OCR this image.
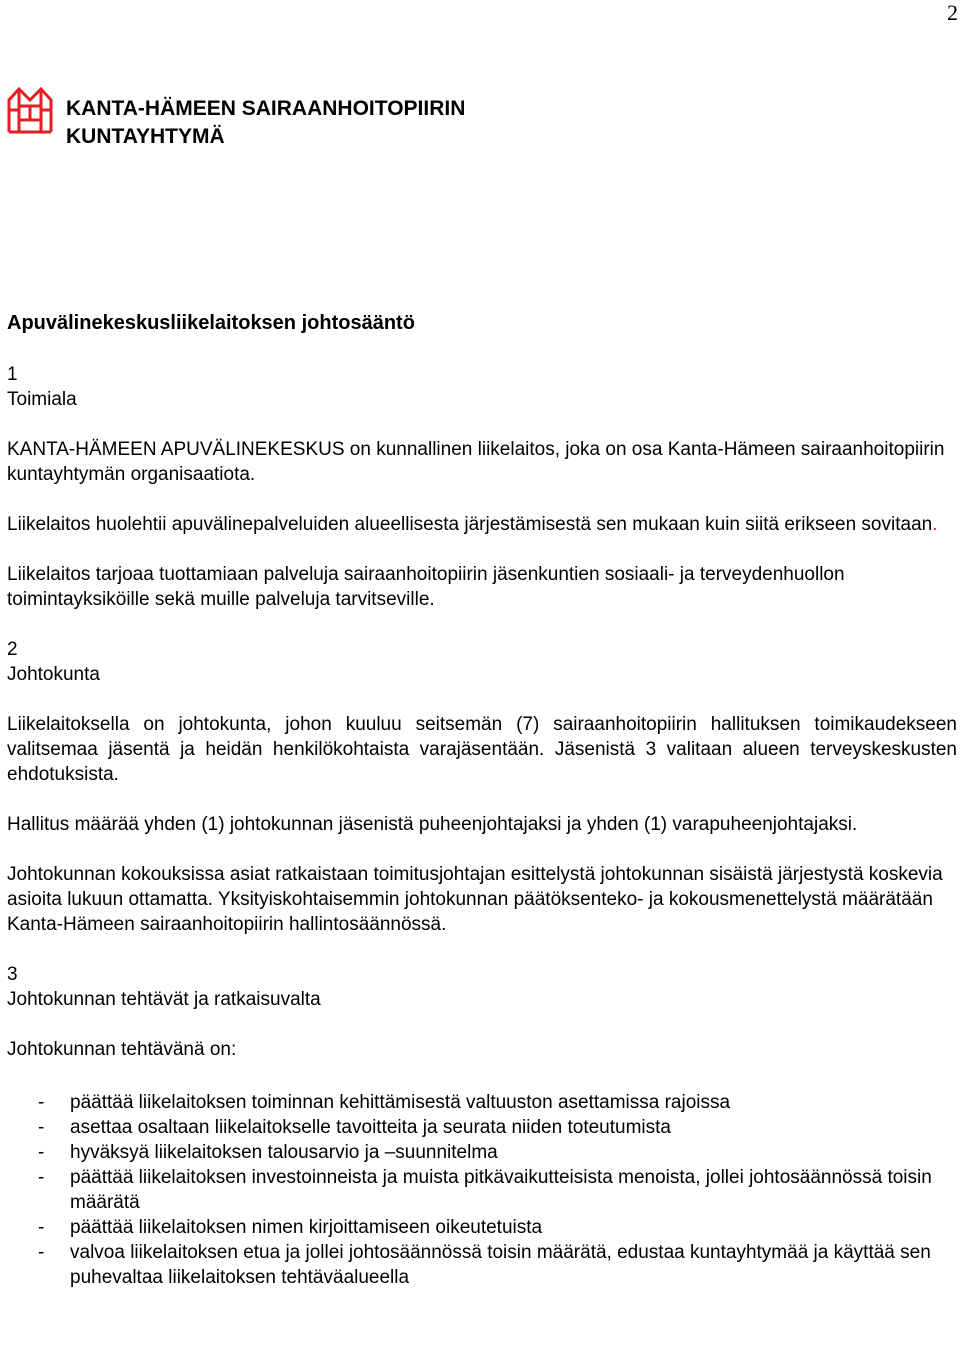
2
KANTA-HÄMEEN SAIRAANHOITOPIIRIN
KUNTAYHTYMÄ
Apuvälinekeskusliikelaitoksen johtosääntö
1
Toimiala
KANTA-HÄMEEN APUVÄLINEKESKUS on kunnallinen liikelaitos, joka on osa Kanta-Hämeen sairaanhoitopiirin kuntayhtymän organisaatiota.
Liikelaitos huolehtii apuvälinepalveluiden alueellisesta järjestämisestä sen mukaan kuin siitä erikseen sovitaan.
Liikelaitos tarjoaa tuottamiaan palveluja sairaanhoitopiirin jäsenkuntien sosiaali- ja terveydenhuollon toimintayksiköille sekä muille palveluja tarvitseville.
2
Johtokunta
Liikelaitoksella on johtokunta, johon kuuluu seitsemän (7) sairaanhoitopiirin hallituksen toimikaudekseen valitsemaa jäsentä ja heidän henkilökohtaista varajäsentään. Jäsenistä 3 valitaan alueen terveyskeskusten ehdotuksista.
Hallitus määrää yhden (1) johtokunnan jäsenistä puheenjohtajaksi ja yhden (1) varapuheenjohtajaksi.
Johtokunnan kokouksissa asiat ratkaistaan toimitusjohtajan esittelystä johtokunnan sisäistä järjestystä koskevia asioita lukuun ottamatta. Yksityiskohtaisemmin johtokunnan päätöksenteko- ja kokousmenettelystä määrätään Kanta-Hämeen sairaanhoitopiirin hallintosäännössä.
3
Johtokunnan tehtävät ja ratkaisuvalta
Johtokunnan tehtävänä on:
- päättää liikelaitoksen toiminnan kehittämisestä valtuuston asettamissa rajoissa
- asettaa osaltaan liikelaitokselle tavoitteita ja seurata niiden toteutumista
- hyväksyä liikelaitoksen talousarvio ja –suunnitelma
- päättää liikelaitoksen investoinneista ja muista pitkävaikutteisista menoista, jollei johtosäännössä toisin määrätä
- päättää liikelaitoksen nimen kirjoittamiseen oikeutetuista
- valvoa liikelaitoksen etua ja jollei johtosäännössä toisin määrätä, edustaa kuntayhtymää ja käyttää sen puhevaltaa liikelaitoksen tehtäväalueella
